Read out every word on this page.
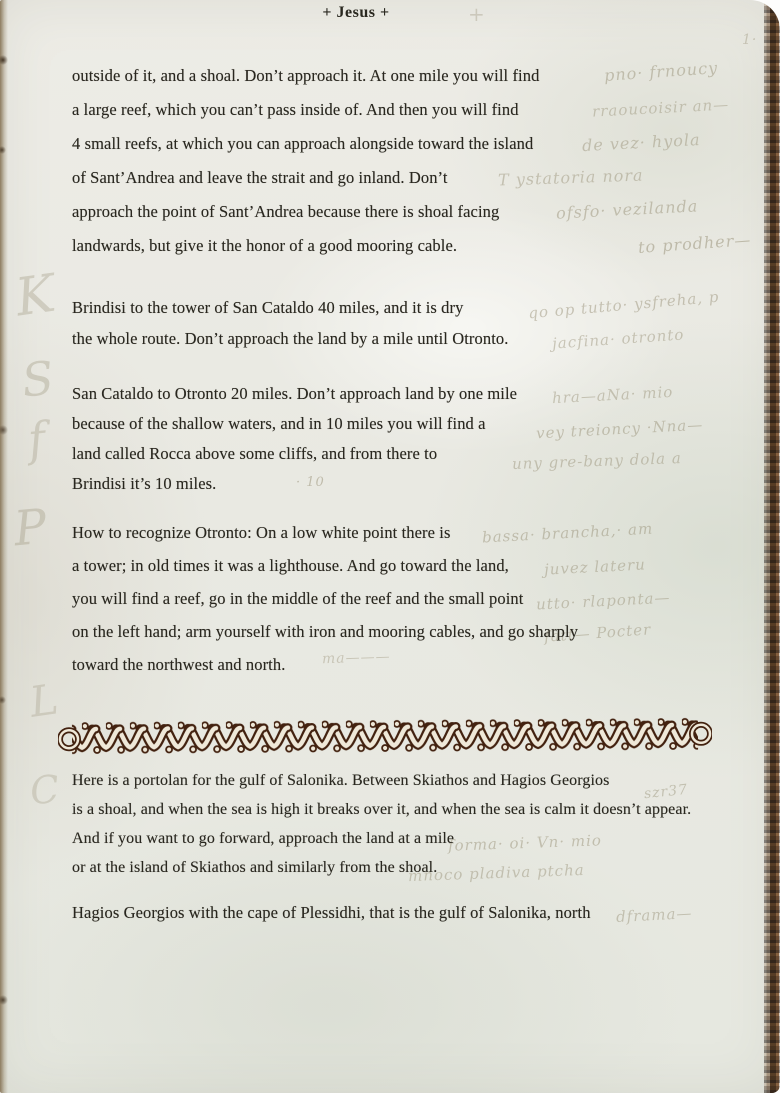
pno· frnoucy
rraoucoisir an—
de vez· hyola
T ystatoria nora
ofsfo· vezilanda
to prodher—
qo op tutto· ysfreha, p
jacfina· otronto
hra—aNa· mio
vey treioncy ·Nna—
uny gre-bany dola a
· 10
bassa· brancha,· am
juvez lateru
utto· rlaponta—
fatt— Pocter
ma———
szr37
forma· oi· Vn· mio
mnoco pladiva ptcha
dframa—
+
1·
K
S
f
P
L
C
+ Jesus +
outside of it, and a shoal. Don’t approach it. At one mile you will find
a large reef, which you can’t pass inside of. And then you will find
4 small reefs, at which you can approach alongside toward the island
of Sant’Andrea and leave the strait and go inland. Don’t
approach the point of Sant’Andrea because there is shoal facing
landwards, but give it the honor of a good mooring cable.
Brindisi to the tower of San Cataldo 40 miles, and it is dry
the whole route. Don’t approach the land by a mile until Otronto.
San Cataldo to Otronto 20 miles. Don’t approach land by one mile
because of the shallow waters, and in 10 miles you will find a
land called Rocca above some cliffs, and from there to
Brindisi it’s 10 miles.
How to recognize Otronto: On a low white point there is
a tower; in old times it was a lighthouse. And go toward the land,
you will find a reef, go in the middle of the reef and the small point
on the left hand; arm yourself with iron and mooring cables, and go sharply
toward the northwest and north.
Here is a portolan for the gulf of Salonika. Between Skiathos and Hagios Georgios
is a shoal, and when the sea is high it breaks over it, and when the sea is calm it doesn’t appear.
And if you want to go forward, approach the land at a mile
or at the island of Skiathos and similarly from the shoal.
Hagios Georgios with the cape of Plessidhi, that is the gulf of Salonika, north
